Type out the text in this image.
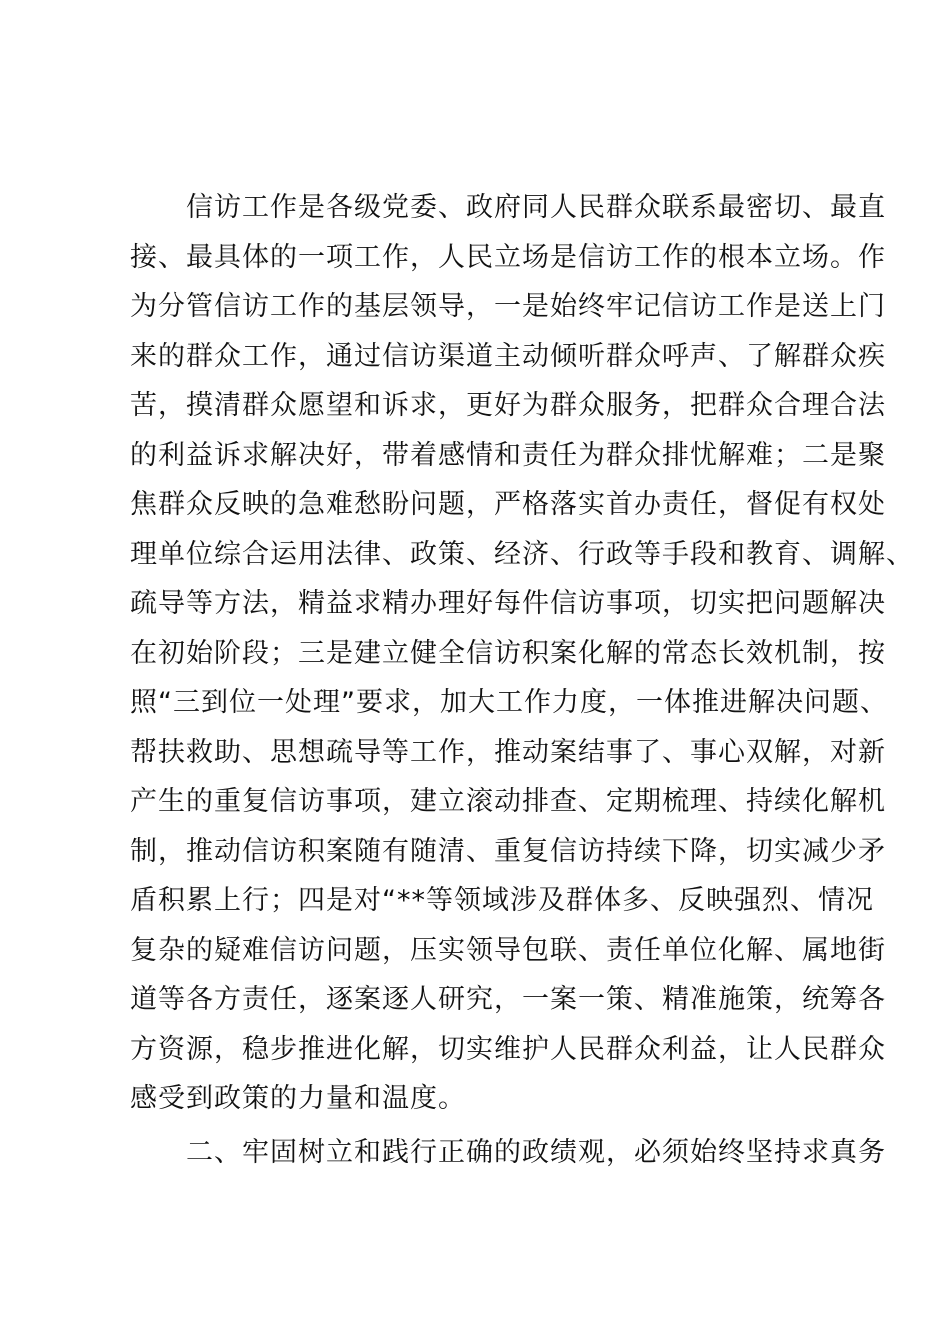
　　信访工作是各级党委、政府同人民群众联系最密切、最直
接、最具体的一项工作，人民立场是信访工作的根本立场。作
为分管信访工作的基层领导，一是始终牢记信访工作是送上门
来的群众工作，通过信访渠道主动倾听群众呼声、了解群众疾
苦，摸清群众愿望和诉求，更好为群众服务，把群众合理合法
的利益诉求解决好，带着感情和责任为群众排忧解难；二是聚
焦群众反映的急难愁盼问题，严格落实首办责任，督促有权处
理单位综合运用法律、政策、经济、行政等手段和教育、调解、
疏导等方法，精益求精办理好每件信访事项，切实把问题解决
在初始阶段；三是建立健全信访积案化解的常态长效机制，按
照“三到位一处理”要求，加大工作力度，一体推进解决问题、
帮扶救助、思想疏导等工作，推动案结事了、事心双解，对新
产生的重复信访事项，建立滚动排查、定期梳理、持续化解机
制，推动信访积案随有随清、重复信访持续下降，切实减少矛
盾积累上行；四是对“**等领域涉及群体多、反映强烈、情况
复杂的疑难信访问题，压实领导包联、责任单位化解、属地街
道等各方责任，逐案逐人研究，一案一策、精准施策，统筹各
方资源，稳步推进化解，切实维护人民群众利益，让人民群众
感受到政策的力量和温度。
　　二、牢固树立和践行正确的政绩观，必须始终坚持求真务
